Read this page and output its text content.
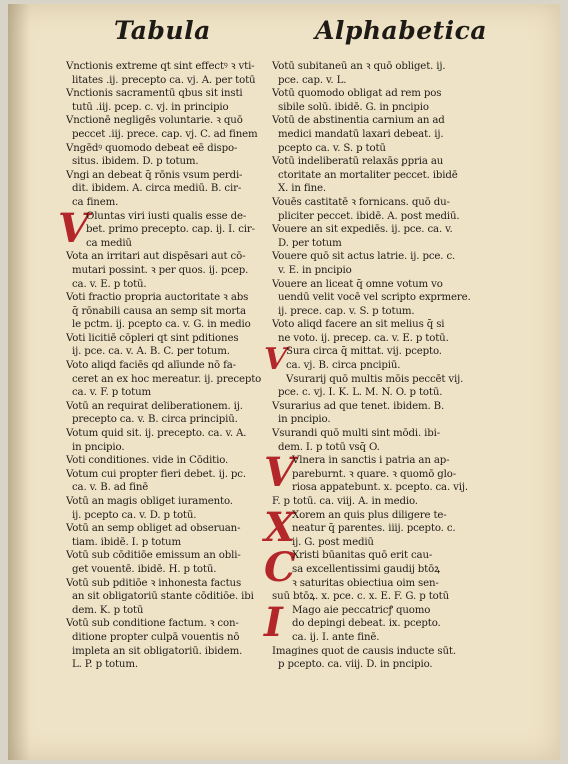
Tabula	Alphabetica
Vnctionis extreme qt sint effectꝰ ꝛ vti-
litates .ij. precepto ca. vj. A. per totū
Vnctionis sacramentū qbus sit insti
tutū .iij. pcep. c. vj. in principio
Vnctionē negligēs voluntarie. ꝛ quō
peccet .iij. prece. cap. vj. C. ad finem
Vngēdꝰ quomodo debeat eē dispo-
situs. ibidem. D. p totum.
Vngi an debeat q̄ rōnis vsum perdi-
dit. ibidem. A. circa mediū. B. cir-
ca finem.
V
Oluntas viri iusti qualis esse de-
bet. primo precepto. cap. ij. I. cir-
ca mediū
Vota an irritari aut dispēsari aut cō-
mutari possint. ꝛ per quos. ij. pcep.
ca. v. E. p totū.
Voti fractio propria auctoritate ꝛ abs
q̄ rōnabili causa an semp sit morta
le pctm. ij. pcepto ca. v. G. in medio
Voti licitiē cōpleri qt sint pditiones
ij. pce. ca. v. A. B. C. per totum.
Voto aliqd faciēs qd alīunde nō fa-
ceret an ex hoc mereatur. ij. precepto
ca. v. F. p totum
Votū an requirat deliberationem. ij.
precepto ca. v. B. circa principiū.
Votum quid sit. ij. precepto. ca. v. A.
in pncipio.
Voti conditiones. vide in Cōditio.
Votum cui propter fieri debet. ij. pc.
ca. v. B. ad finē
Votū an magis obliget iuramento.
ij. pcepto ca. v. D. p totū.
Votū an semp obliget ad obseruan-
tiam. ibidē. I. p totum
Votū sub cōditiōe emissum an obli-
get vouentē. ibidē. H. p totū.
Votū sub pditiōe ꝛ inhonesta factus
an sit obligatoriū stante cōditiōe. ibi
dem. K. p totū
Votū sub conditione factum. ꝛ con-
ditione propter culpā vouentis nō
impleta an sit obligatoriū. ibidem.
L. P. p totum.
Votū subitaneū an ꝛ quō obliget. ij.
pce. cap. v. L.
Votū quomodo obligat ad rem pos
sibile solū. ibidē. G. in pncipio
Votū de abstinentia carnium an ad
medici mandatū laxari debeat. ij.
pcepto ca. v. S. p totū
Votū indeliberatū relaxās ꝑpria au
ctoritate an mortaliter peccet. ibidē
X. in fine.
Vouēs castitatē ꝛ fornicans. quō du-
pliciter peccet. ibidē. A. post mediū.
Vouere an sit expediēs. ij. pce. ca. v.
D. per totum
Vouere quō sit actus latrie. ij. pce. c.
v. E. in pncipio
Vouere an liceat q̄ omne votum vo
uendū velit vocē vel scripto exprmere.
ij. prece. cap. v. S. p totum.
Voto aliqd facere an sit melius q̄ si
ne voto. ij. precep. ca. v. E. p totū.
V
Sura circa q̄ mittat. vij. pcepto.
ca. vj. B. circa pncipiū.
Vsurarij quō multis mōis peccēt vij.
pce. c. vj. I. K. L. M. N. O. p totū.
Vsurarius ad que tenet. ibidem. B.
in pncipio.
Vsurandi quō multi sint mōdi. ibi-
dem. I. p totū vsq̄ O.
V
Vlnera in sanctis i patria an ap-
pareburnt. ꝛ quare. ꝛ quomō glo-
riosa appatebunt. x. pcepto. ca. vij.
F. p totū. ca. viij. A. in medio.
X
Xorem an quis plus diligere te-
neatur q̄ parentes. iiij. pcepto. c.
ij. G. post mediū
C
Xristi būanitas quō erit cau-
sa excellentissimi gaudij btōꝝ
ꝛ saturitas obiectiua oim sen-
suū btōꝝ. x. pce. c. x. E. F. G. p totū
I Mago aie peccatricꝭ quomo
do depingi debeat. ix. pcepto.
ca. ij. I. ante finē.
Imagines quot de causis inducte sūt.
p pcepto. ca. viij. D. in pncipio.
